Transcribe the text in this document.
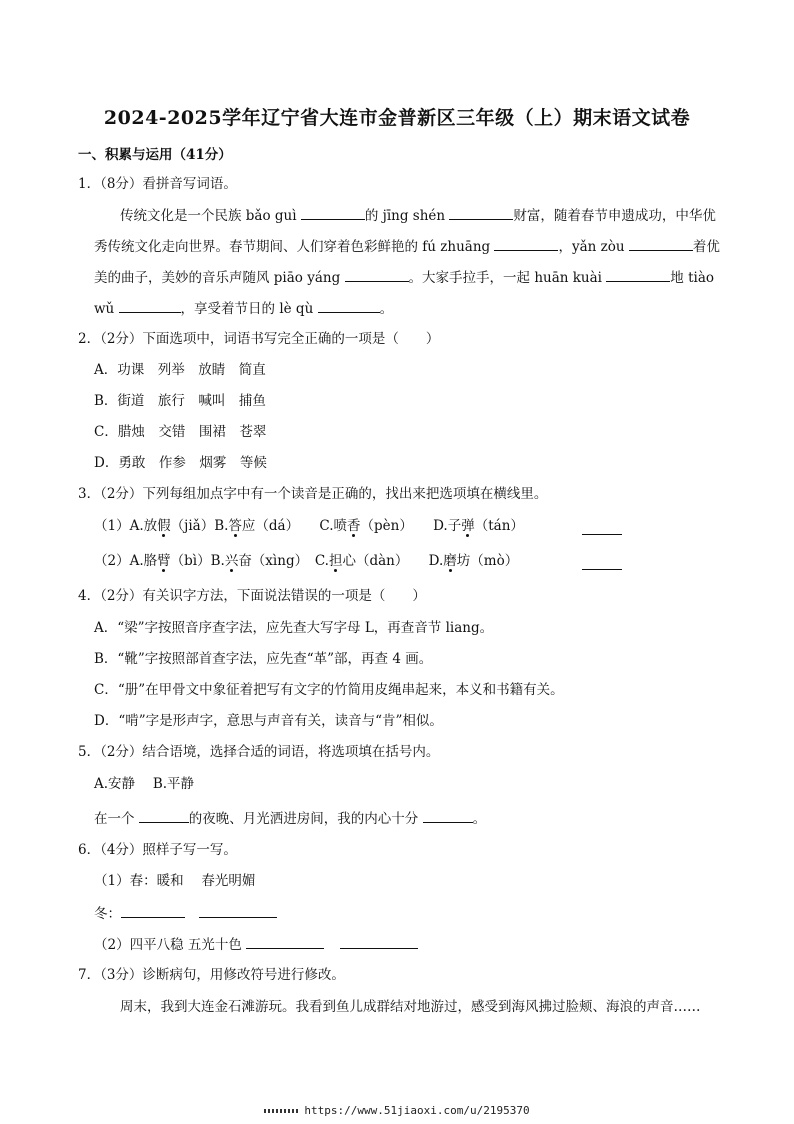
2024-2025学年辽宁省大连市金普新区三年级（上）期末语文试卷
一、积累与运用（41分）
1．（8分）看拼音写词语。
传统文化是一个民族 bǎo guì	的 jīng shén	财富，随着春节申遗成功，中华优
秀传统文化走向世界。春节期间、人们穿着色彩鲜艳的 fú zhuāng	，yǎn zòu	着优
美的曲子，美妙的音乐声随风 piāo yáng	。大家手拉手，一起 huān kuài	地 tiào
wǔ	，享受着节日的 lè qù	。
2．（2分）下面选项中，词语书写完全正确的一项是（　　）
A．功课　列举　放睛　简直
B．街道　旅行　喊叫　捕鱼
C．腊烛　交错　围裙　苍翠
D．勇敢　作参　烟雾　等候
3．（2分）下列每组加点字中有一个读音是正确的，找出来把选项填在横线里。
（1）A.放假（jiǎ）B.答应（dá）　　C.喷香（pèn）　　D.子弹（tán）
（2）A.胳臂（bì）B.兴奋（xìng）　C.担心（dàn）　　D.磨坊（mò）
4．（2分）有关识字方法，下面说法错误的一项是（　　）
A．“梁”字按照音序查字法，应先查大写字母 L，再查音节 liang。
B．“靴”字按照部首查字法，应先查“革”部，再查 4 画。
C．“册”在甲骨文中象征着把写有文字的竹简用皮绳串起来，本义和书籍有关。
D．“啃”字是形声字，意思与声音有关，读音与“肯”相似。
5．（2分）结合语境，选择合适的词语，将选项填在括号内。
A.安静　 B.平静
在一个	的夜晚、月光洒进房间，我的内心十分	。
6．（4分）照样子写一写。
（1）春：暖和　 春光明媚
冬：
（2）四平八稳 五光十色
7．（3分）诊断病句，用修改符号进行修改。
周末，我到大连金石滩游玩。我看到鱼儿成群结对地游过，感受到海风拂过脸颊、海浪的声音……
https://www.51jiaoxi.com/u/2195370
